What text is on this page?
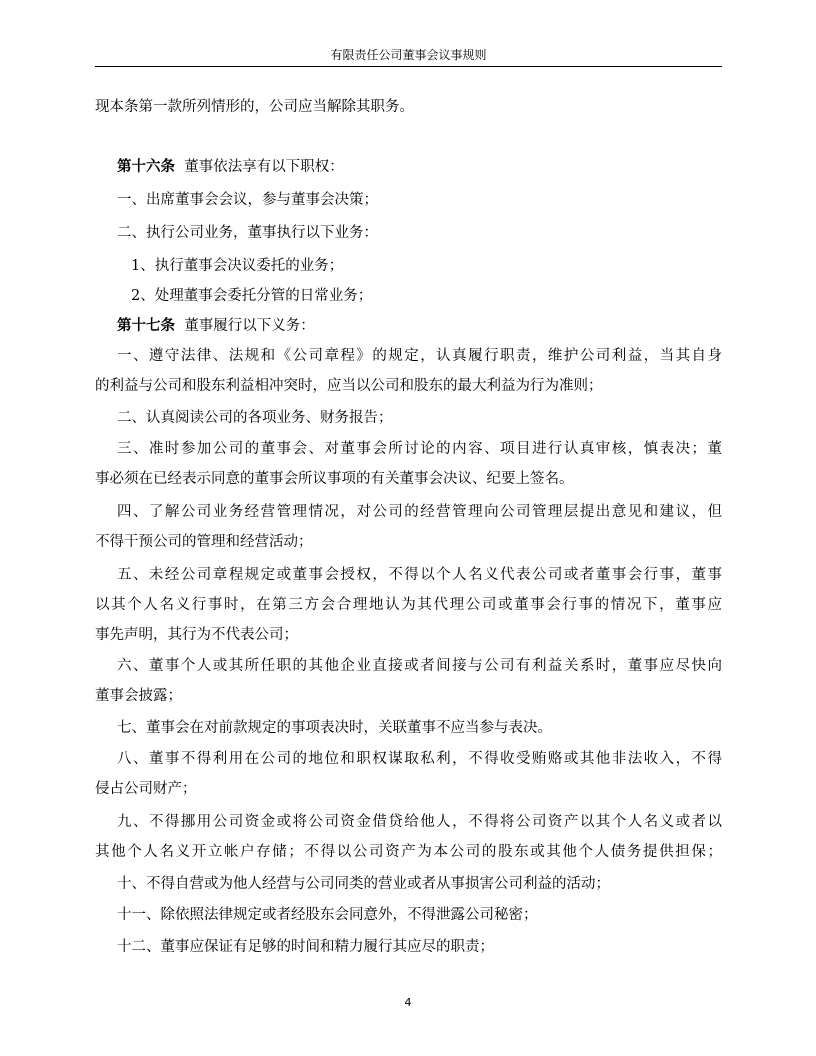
有限责任公司董事会议事规则
现本条第一款所列情形的，公司应当解除其职务。
第十六条 董事依法享有以下职权：
一、出席董事会会议，参与董事会决策；
二、执行公司业务，董事执行以下业务：
1、执行董事会决议委托的业务；
2、处理董事会委托分管的日常业务；
第十七条 董事履行以下义务：
一、遵守法律、法规和《公司章程》的规定，认真履行职责，维护公司利益，当其自身
的利益与公司和股东利益相冲突时，应当以公司和股东的最大利益为行为准则；
二、认真阅读公司的各项业务、财务报告；
三、准时参加公司的董事会、对董事会所讨论的内容、项目进行认真审核，慎表决；董
事必须在已经表示同意的董事会所议事项的有关董事会决议、纪要上签名。
四、了解公司业务经营管理情况，对公司的经营管理向公司管理层提出意见和建议，但
不得干预公司的管理和经营活动；
五、未经公司章程规定或董事会授权，不得以个人名义代表公司或者董事会行事，董事
以其个人名义行事时，在第三方会合理地认为其代理公司或董事会行事的情况下，董事应
事先声明，其行为不代表公司；
六、董事个人或其所任职的其他企业直接或者间接与公司有利益关系时，董事应尽快向
董事会披露；
七、董事会在对前款规定的事项表决时，关联董事不应当参与表决。
八、董事不得利用在公司的地位和职权谋取私利，不得收受贿赂或其他非法收入，不得
侵占公司财产；
九、不得挪用公司资金或将公司资金借贷给他人，不得将公司资产以其个人名义或者以
其他个人名义开立帐户存储；不得以公司资产为本公司的股东或其他个人债务提供担保；
十、不得自营或为他人经营与公司同类的营业或者从事损害公司利益的活动；
十一、除依照法律规定或者经股东会同意外，不得泄露公司秘密；
十二、董事应保证有足够的时间和精力履行其应尽的职责；
4
